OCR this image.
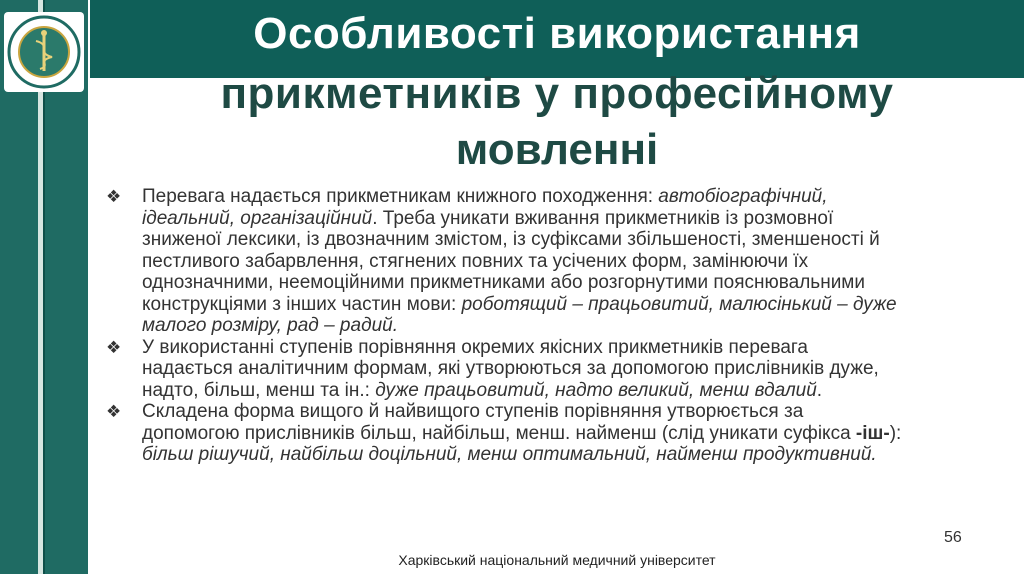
Особливості використання
прикметників у професійному
мовленні
❖	Перевага надається прикметникам книжного походження: автобіографічний,
ідеальний, організаційний. Треба уникати вживання прикметників із розмовної
зниженої лексики, із двозначним змістом, із суфіксами збільшеності, зменшеності й
пестливого забарвлення, стягнених повних та усічених форм, замінюючи їх
однозначними, неемоційними прикметниками або розгорнутими пояснювальними
конструкціями з інших частин мови: роботящий – працьовитий, малюсінький – дуже
малого розміру, рад – радий.
❖	У використанні ступенів порівняння окремих якісних прикметників перевага
надається аналітичним формам, які утворюються за допомогою прислівників дуже,
надто, більш, менш та ін.: дуже працьовитий, надто великий, менш вдалий.
❖	Складена форма вищого й найвищого ступенів порівняння утворюється за
допомогою прислівників більш, найбільш, менш. найменш (слід уникати суфікса -іш-):
більш рішучий, найбільш доцільний, менш оптимальний, найменш продуктивний.
56
Харківський національний медичний університет
